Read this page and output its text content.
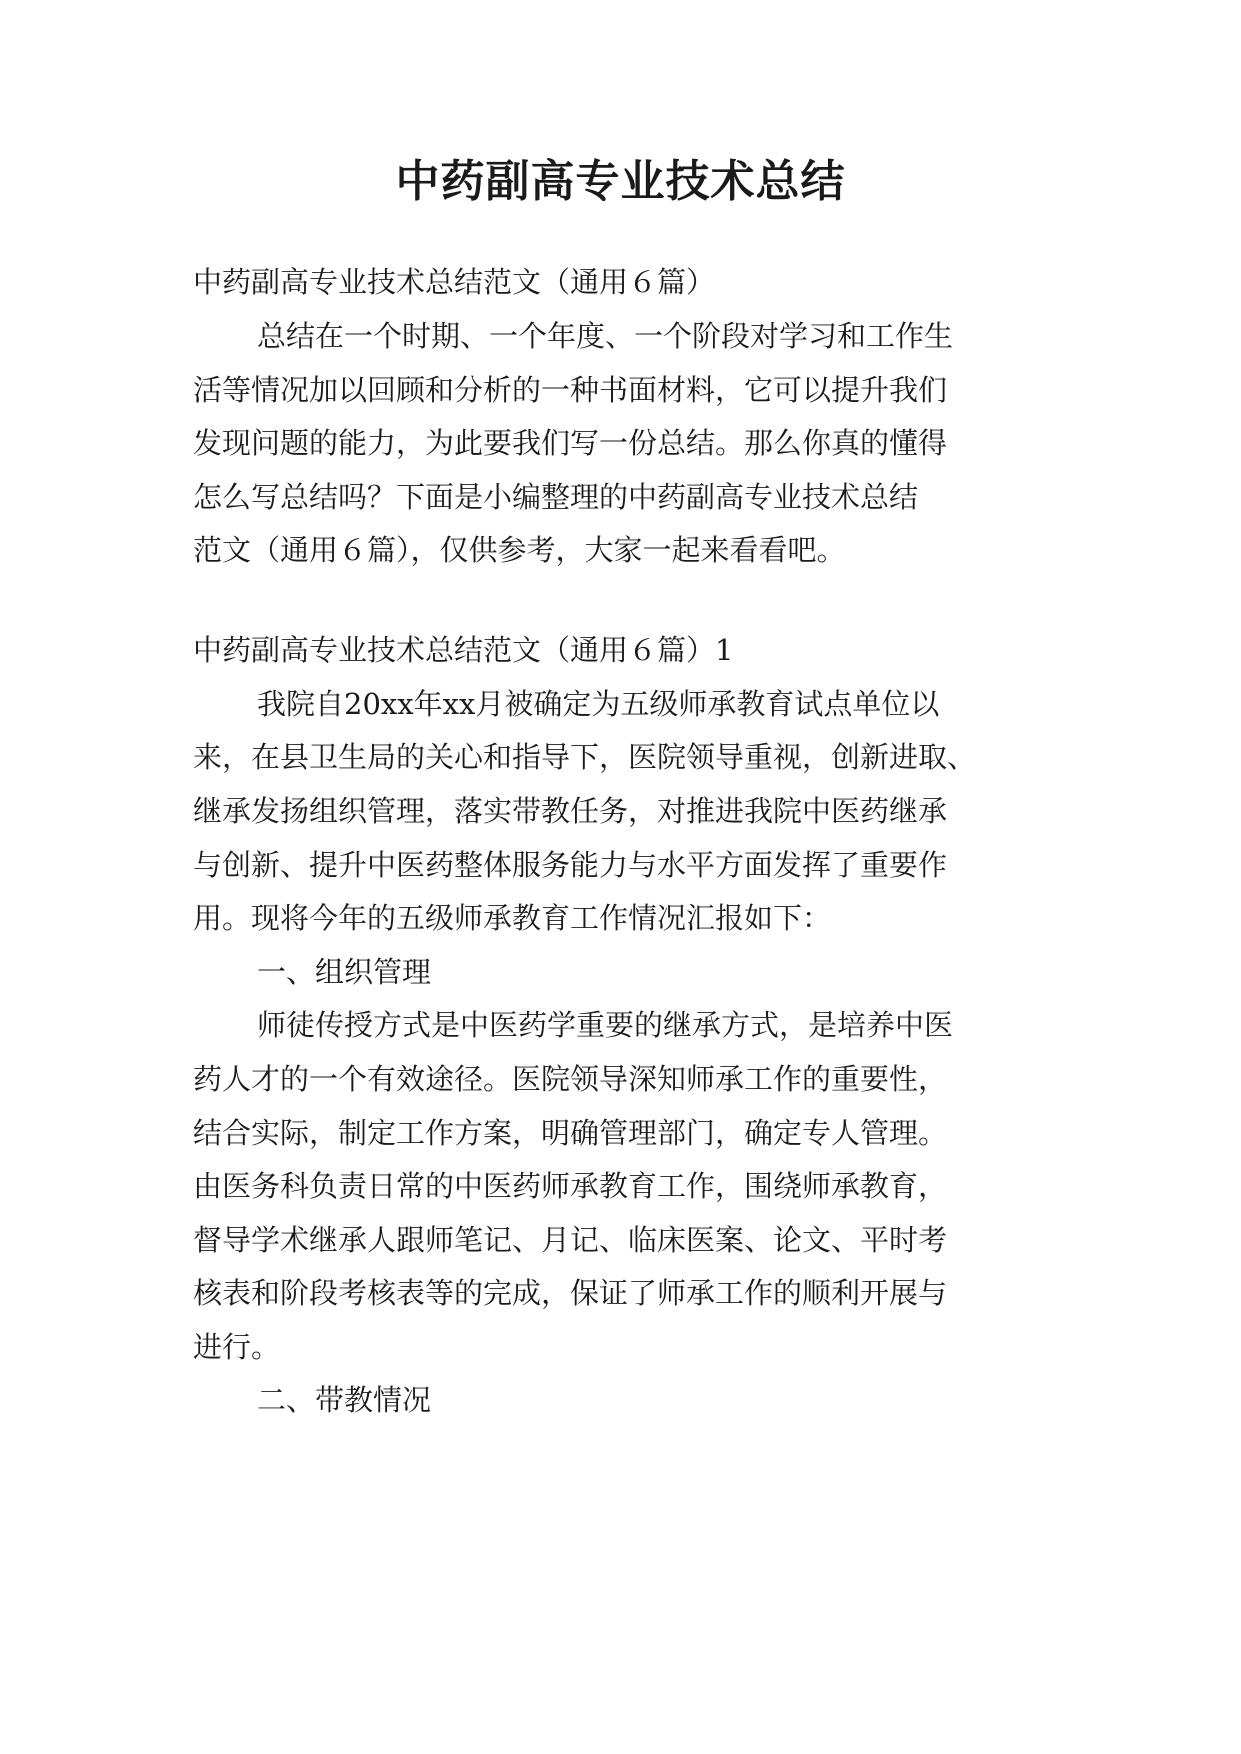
中药副高专业技术总结
中药副高专业技术总结范文（通用６篇）
总结在一个时期、一个年度、一个阶段对学习和工作生
活等情况加以回顾和分析的一种书面材料，它可以提升我们
发现问题的能力，为此要我们写一份总结。那么你真的懂得
怎么写总结吗？下面是小编整理的中药副高专业技术总结
范文（通用６篇），仅供参考，大家一起来看看吧。
中药副高专业技术总结范文（通用６篇）1
我院自20xx年xx月被确定为五级师承教育试点单位以
来，在县卫生局的关心和指导下，医院领导重视，创新进取、
继承发扬组织管理，落实带教任务，对推进我院中医药继承
与创新、提升中医药整体服务能力与水平方面发挥了重要作
用。现将今年的五级师承教育工作情况汇报如下：
一、组织管理
师徒传授方式是中医药学重要的继承方式，是培养中医
药人才的一个有效途径。医院领导深知师承工作的重要性，
结合实际，制定工作方案，明确管理部门，确定专人管理。
由医务科负责日常的中医药师承教育工作，围绕师承教育，
督导学术继承人跟师笔记、月记、临床医案、论文、平时考
核表和阶段考核表等的完成，保证了师承工作的顺利开展与
进行。
二、带教情况
